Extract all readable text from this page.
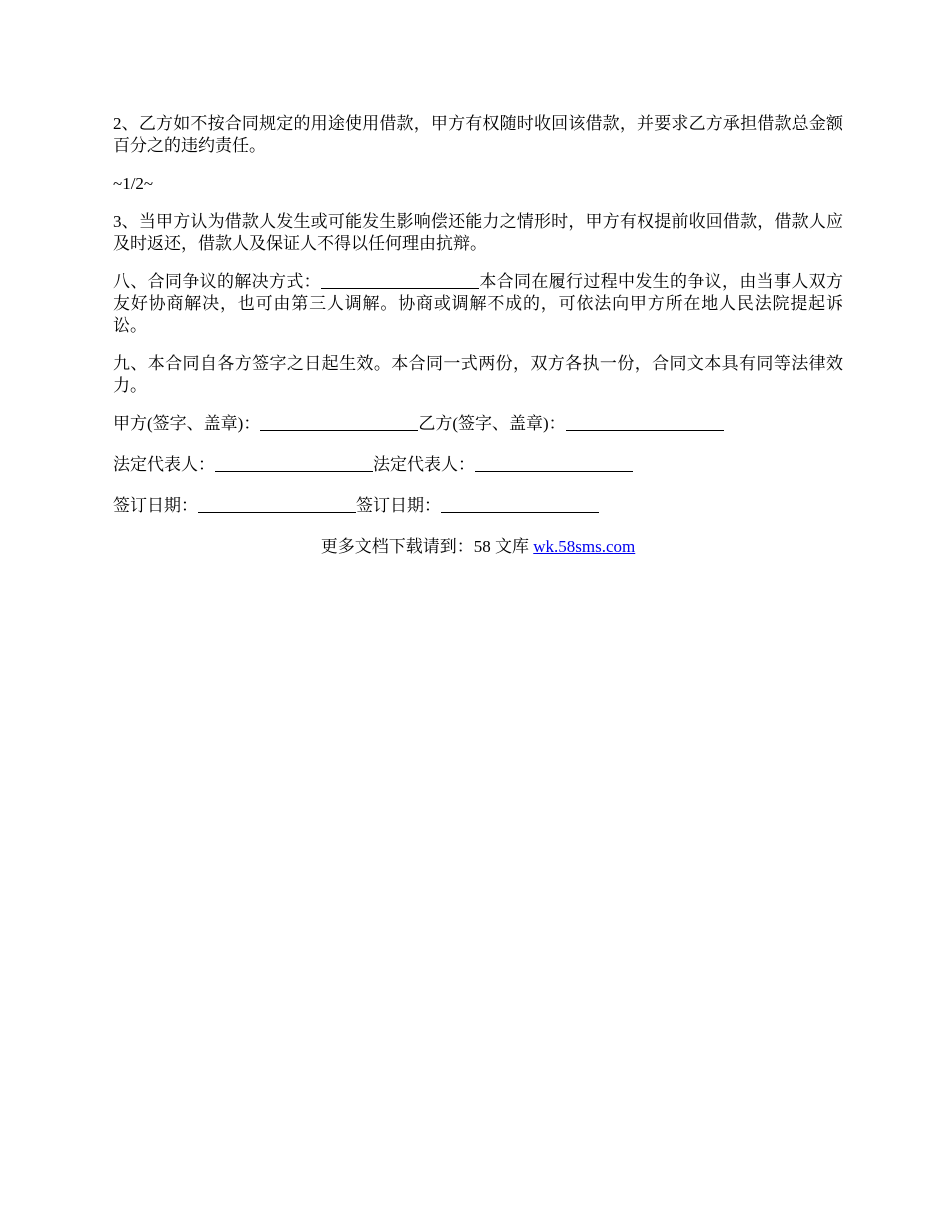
2、乙方如不按合同规定的用途使用借款，甲方有权随时收回该借款，并要求乙方承担借款总金额百分之的违约责任。

~1/2~

3、当甲方认为借款人发生或可能发生影响偿还能力之情形时，甲方有权提前收回借款，借款人应及时返还，借款人及保证人不得以任何理由抗辩。

八、合同争议的解决方式：	本合同在履行过程中发生的争议，由当事人双方友好协商解决，也可由第三人调解。协商或调解不成的，可依法向甲方所在地人民法院提起诉讼。

九、本合同自各方签字之日起生效。本合同一式两份，双方各执一份，合同文本具有同等法律效力。

甲方(签字、盖章)：	乙方(签字、盖章)：
法定代表人：	法定代表人：
签订日期：	签订日期：
更多文档下载请到：58 文库 wk.58sms.com
